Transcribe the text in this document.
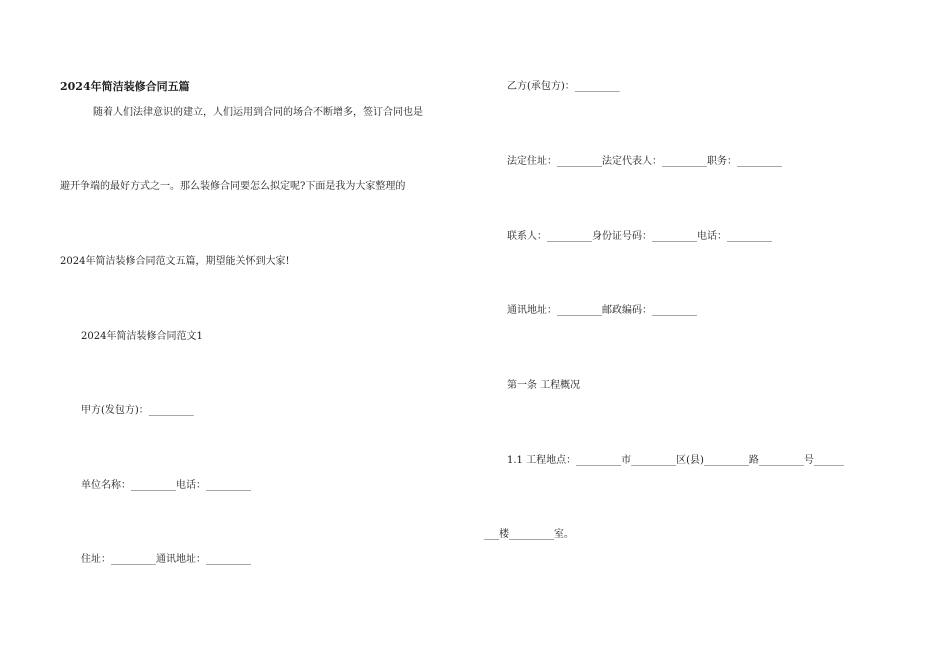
2024年简洁装修合同五篇
随着人们法律意识的建立，人们运用到合同的场合不断增多，签订合同也是
避开争端的最好方式之一。那么装修合同要怎么拟定呢?下面是我为大家整理的
2024年简洁装修合同范文五篇，期望能关怀到大家!
2024年简洁装修合同范文1
甲方(发包方)：_________
单位名称：_________电话：_________
住址：_________通讯地址：_________
乙方(承包方)：_________
法定住址：_________法定代表人：_________职务：_________
联系人：_________身份证号码：_________电话：_________
通讯地址：_________邮政编码：_________
第一条 工程概况
1.1 工程地点：_________市_________区(县)_________路_________号______
___楼_________室。
